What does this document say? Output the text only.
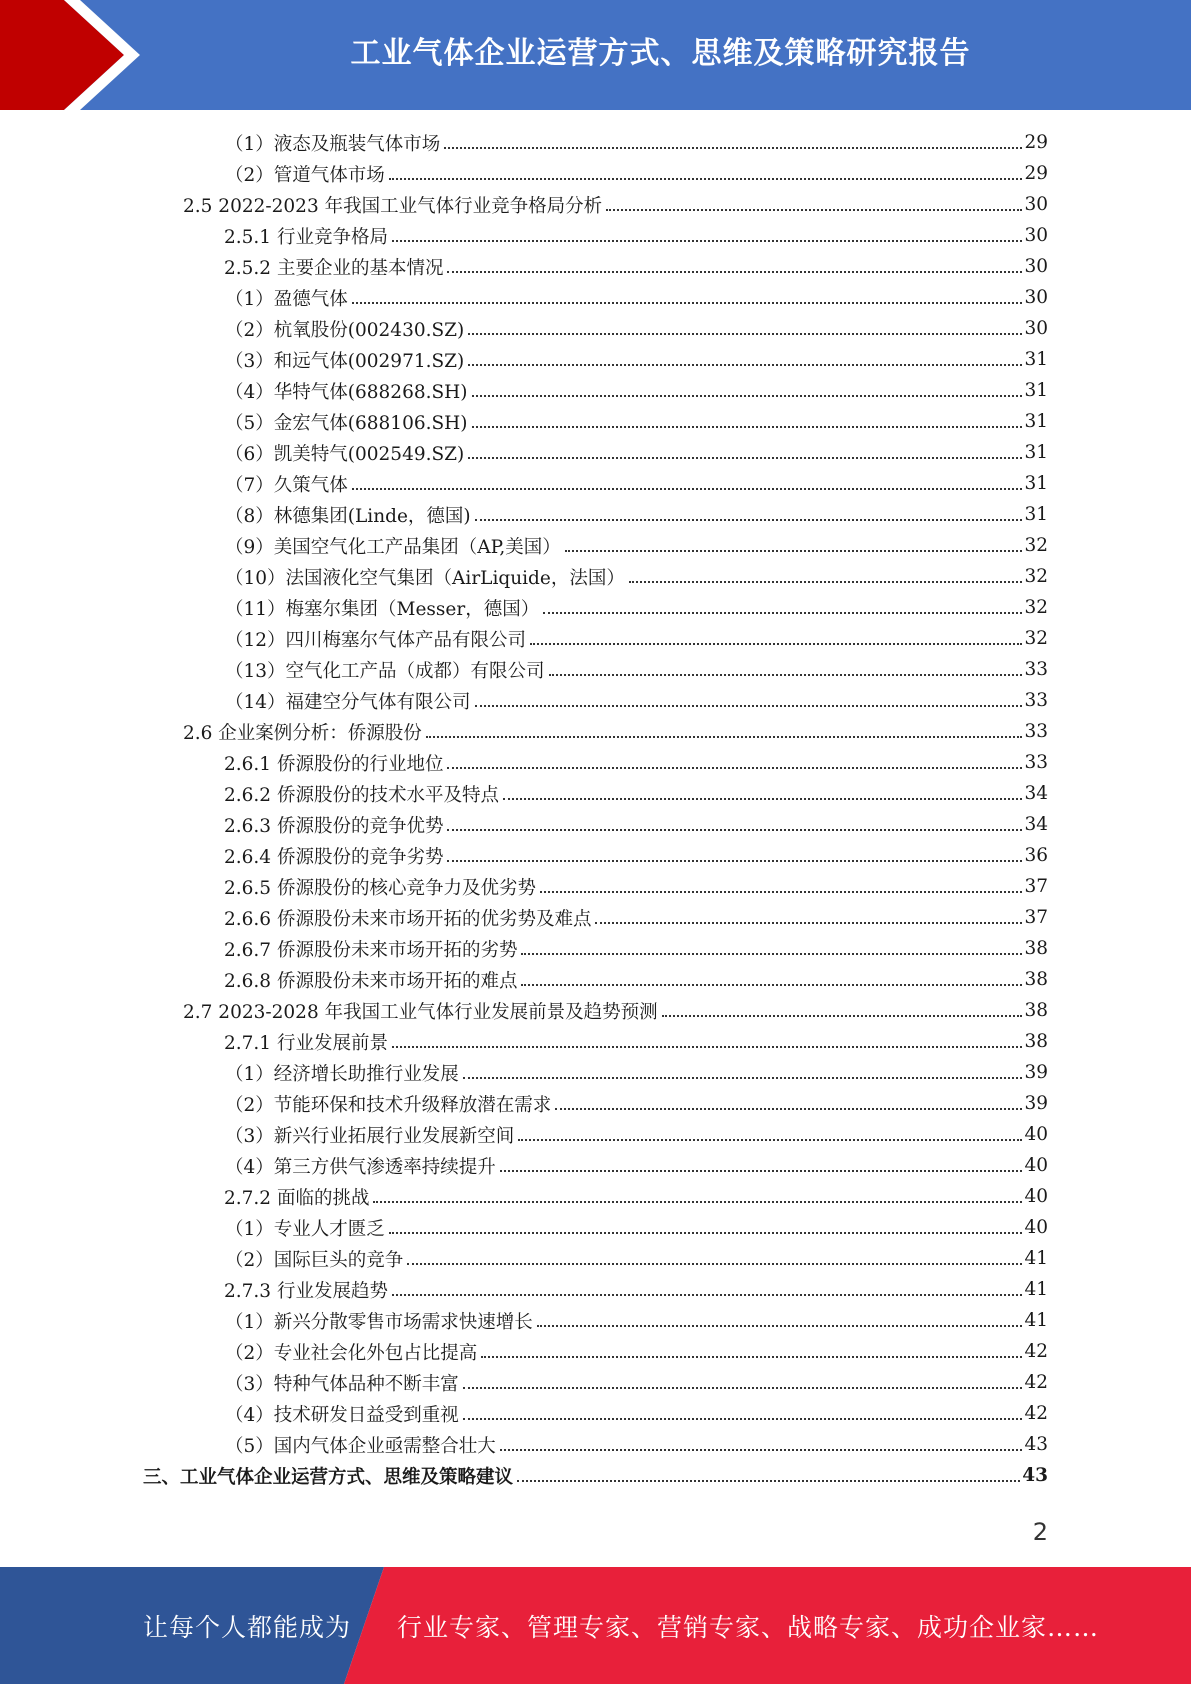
工业气体企业运营方式、思维及策略研究报告
（1）液态及瓶装气体市场	29
（2）管道气体市场	29
2.5 2022-2023 年我国工业气体行业竞争格局分析	30
2.5.1 行业竞争格局	30
2.5.2 主要企业的基本情况	30
（1）盈德气体	30
（2）杭氧股份(002430.SZ)	30
（3）和远气体(002971.SZ)	31
（4）华特气体(688268.SH)	31
（5）金宏气体(688106.SH)	31
（6）凯美特气(002549.SZ)	31
（7）久策气体	31
（8）林德集团(Linde，德国)	31
（9）美国空气化工产品集团（AP,美国）	32
（10）法国液化空气集团（AirLiquide，法国）	32
（11）梅塞尔集团（Messer，德国）	32
（12）四川梅塞尔气体产品有限公司	32
（13）空气化工产品（成都）有限公司	33
（14）福建空分气体有限公司	33
2.6 企业案例分析：侨源股份	33
2.6.1 侨源股份的行业地位	33
2.6.2 侨源股份的技术水平及特点	34
2.6.3 侨源股份的竞争优势	34
2.6.4 侨源股份的竞争劣势	36
2.6.5 侨源股份的核心竞争力及优劣势	37
2.6.6 侨源股份未来市场开拓的优劣势及难点	37
2.6.7 侨源股份未来市场开拓的劣势	38
2.6.8 侨源股份未来市场开拓的难点	38
2.7 2023-2028 年我国工业气体行业发展前景及趋势预测	38
2.7.1 行业发展前景	38
（1）经济增长助推行业发展	39
（2）节能环保和技术升级释放潜在需求	39
（3）新兴行业拓展行业发展新空间	40
（4）第三方供气渗透率持续提升	40
2.7.2 面临的挑战	40
（1）专业人才匮乏	40
（2）国际巨头的竞争	41
2.7.3 行业发展趋势	41
（1）新兴分散零售市场需求快速增长	41
（2）专业社会化外包占比提高	42
（3）特种气体品种不断丰富	42
（4）技术研发日益受到重视	42
（5）国内气体企业亟需整合壮大	43
三、工业气体企业运营方式、思维及策略建议	43
2
让每个人都能成为 行业专家、管理专家、营销专家、战略专家、成功企业家……
